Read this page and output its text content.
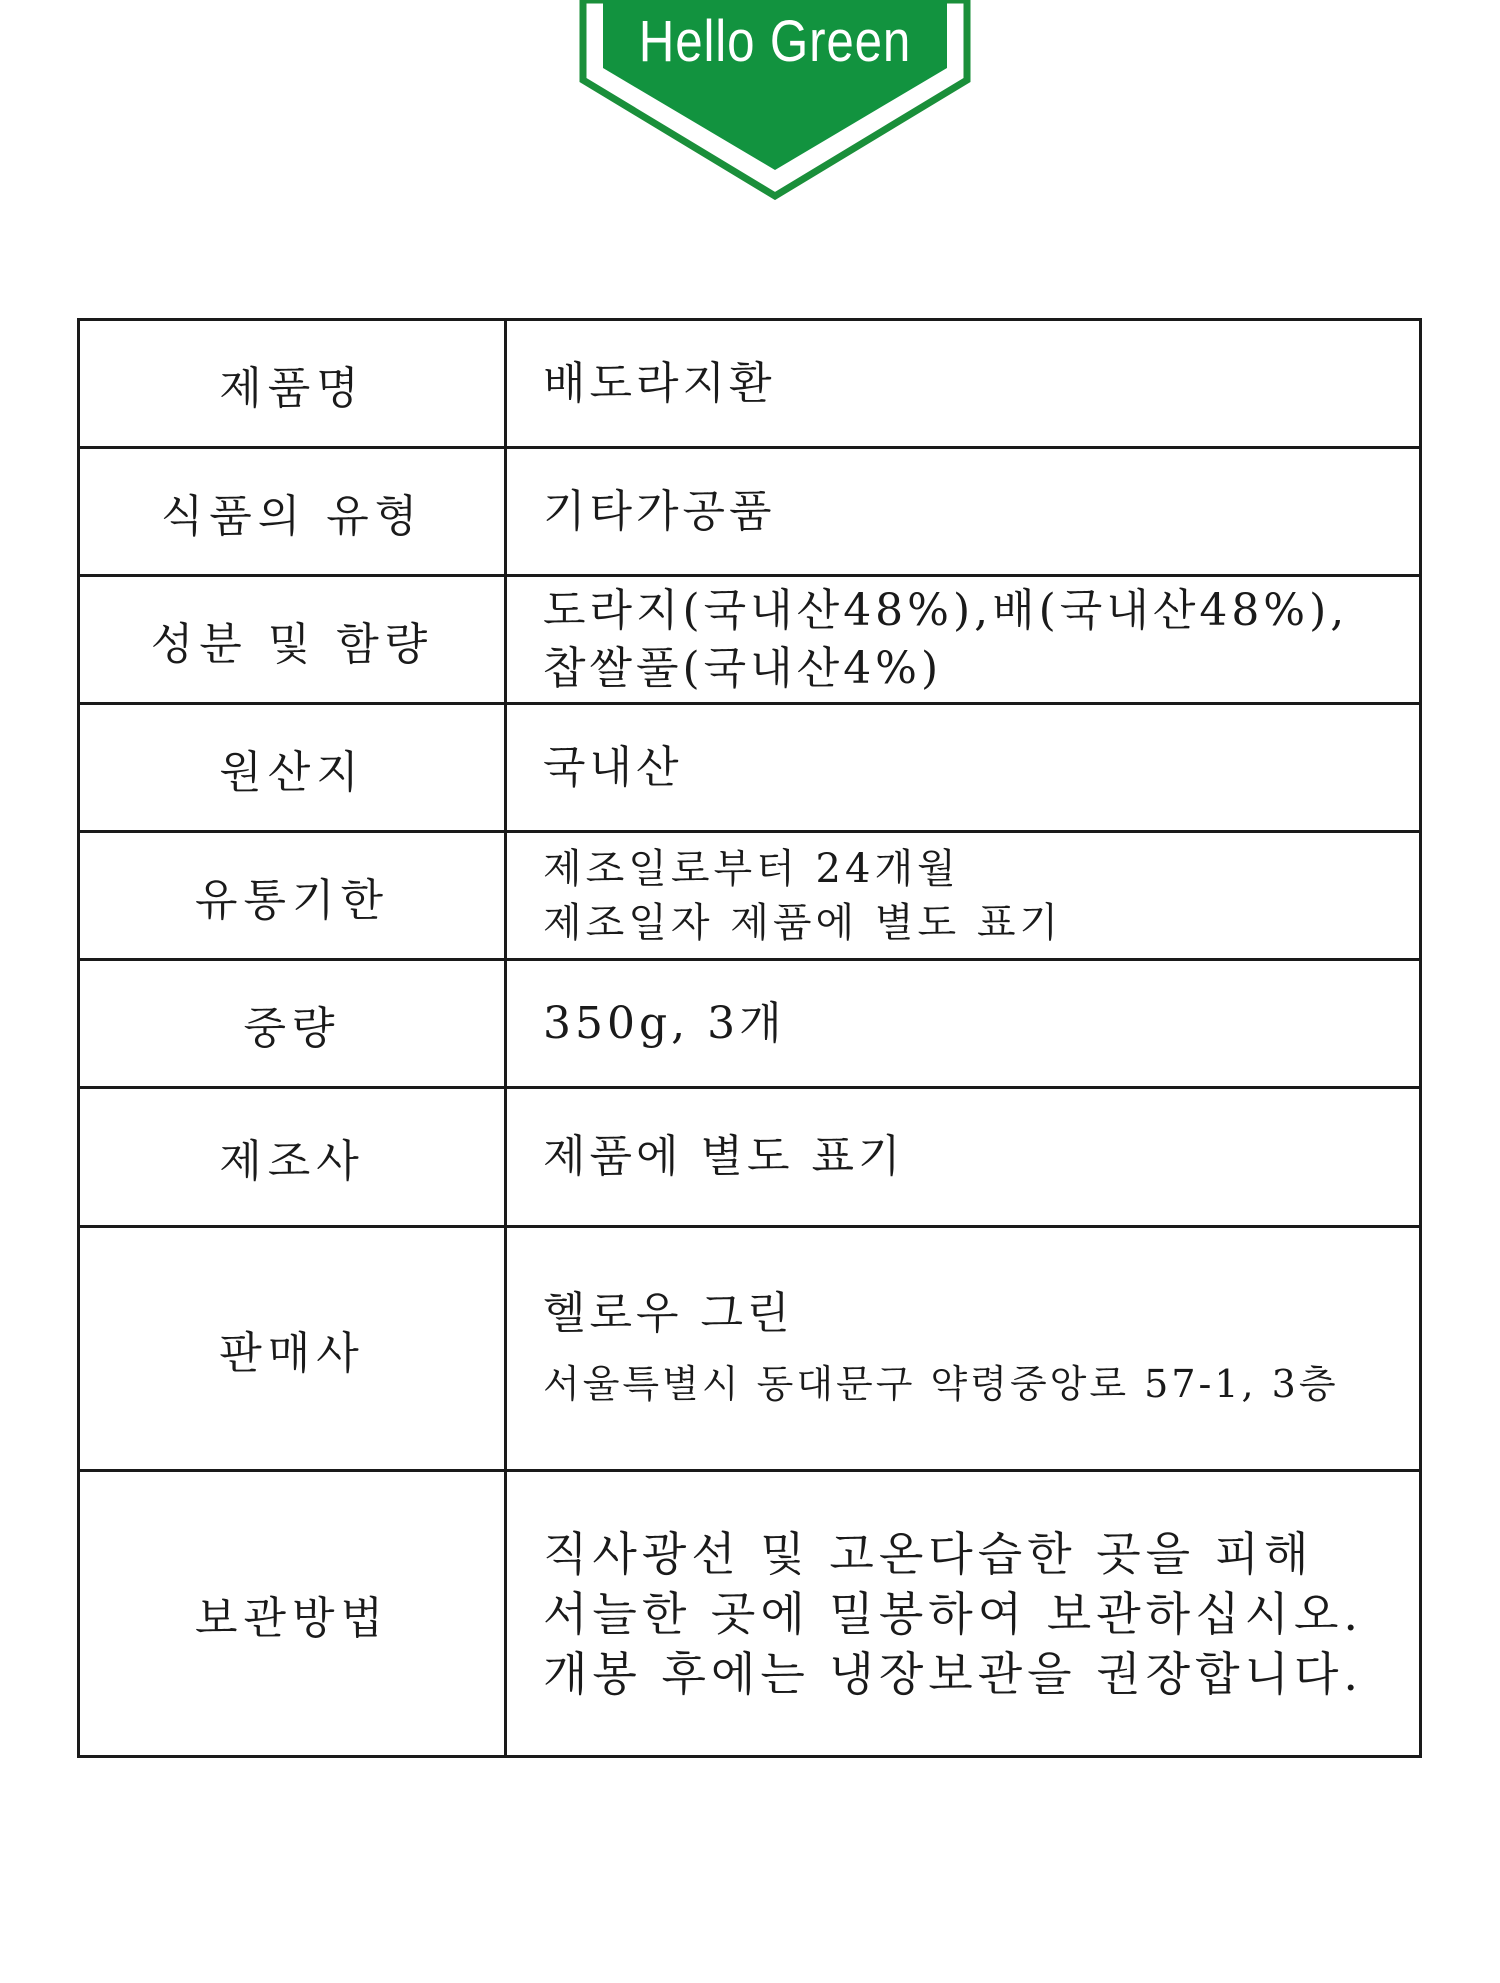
Hello Green
제품명	배도라지환

식품의 유형	기타가공품

성분 및 함량	도라지(국내산48%),배(국내산48%),
찹쌀풀(국내산4%)

원산지	국내산

유통기한	제조일로부터 24개월
제조일자 제품에 별도 표기

중량	350g, 3개

제조사	제품에 별도 표기

판매사	헬로우 그린
서울특별시 동대문구 약령중앙로 57-1, 3층

보관방법	직사광선 및 고온다습한 곳을 피해
서늘한 곳에 밀봉하여 보관하십시오.
개봉 후에는 냉장보관을 권장합니다.
